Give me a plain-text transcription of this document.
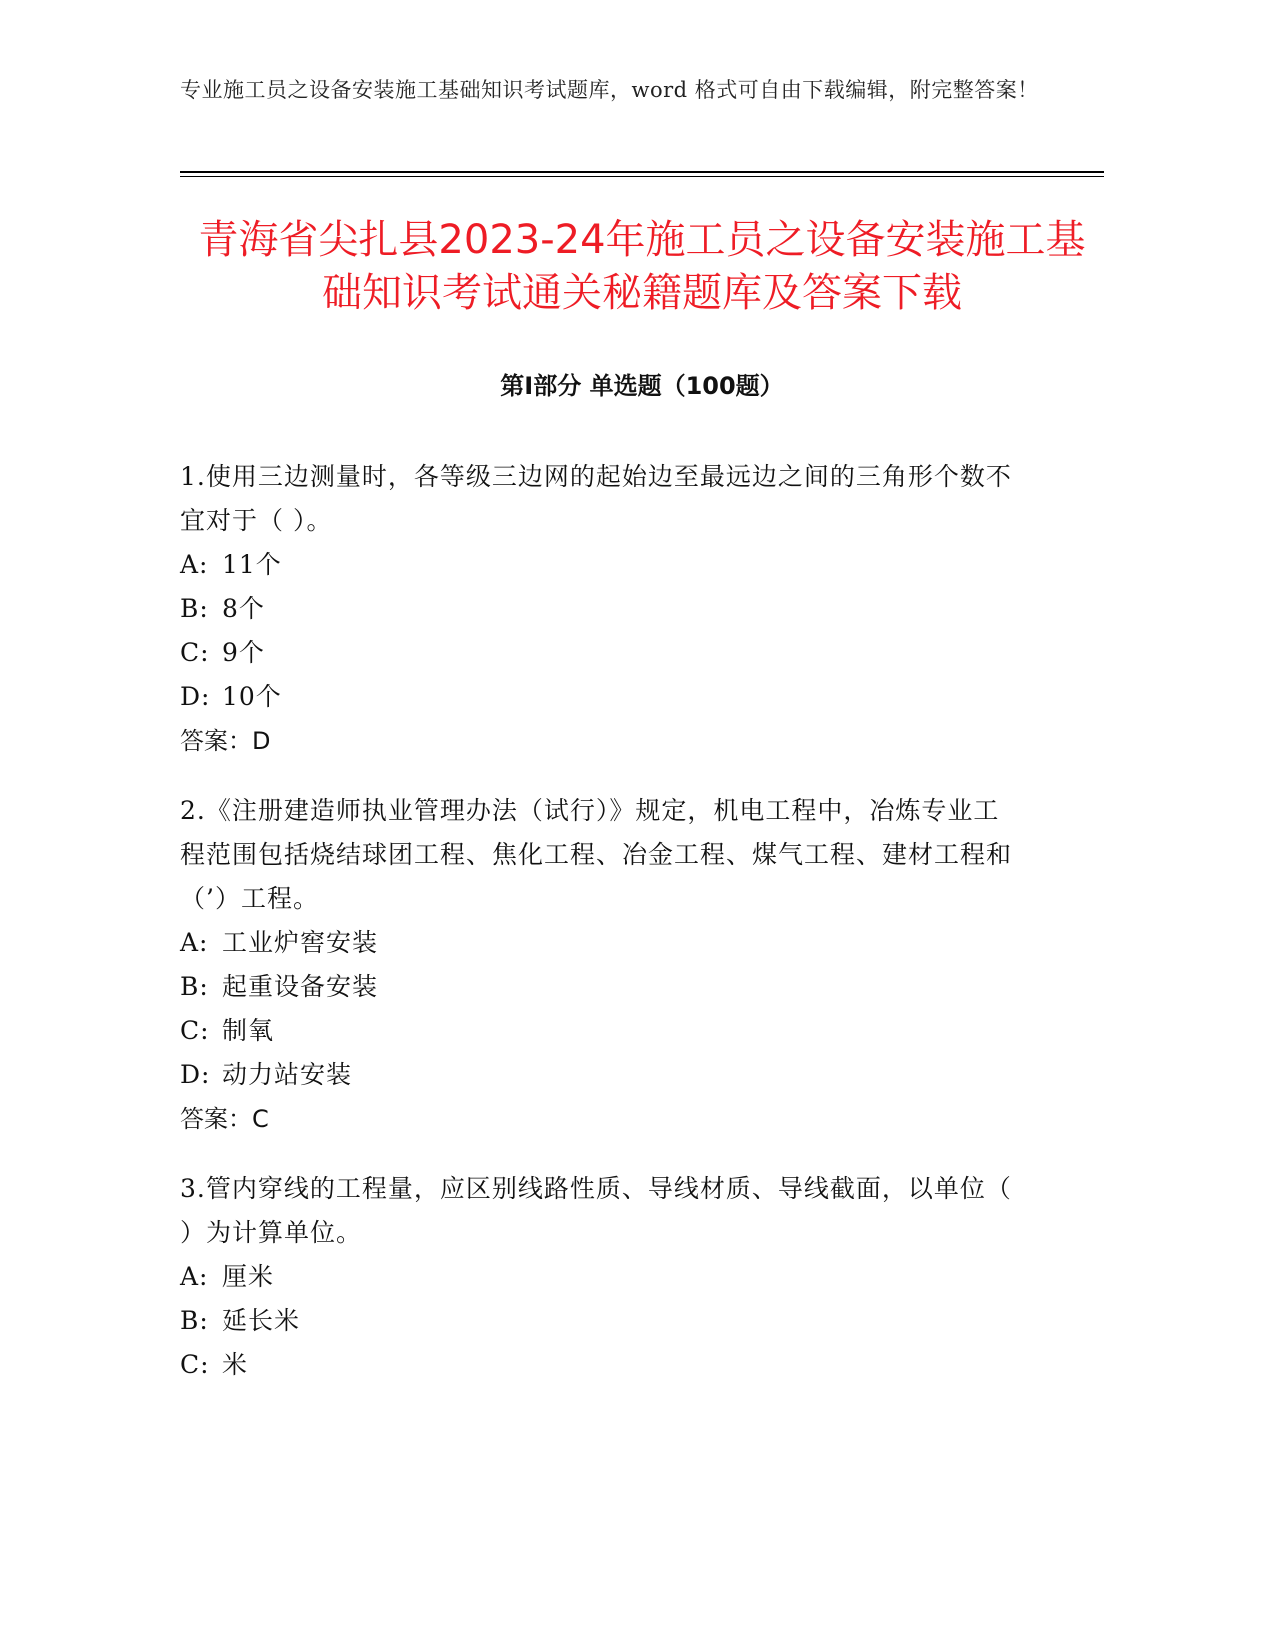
专业施工员之设备安装施工基础知识考试题库，word 格式可自由下载编辑，附完整答案！
青海省尖扎县2023-24年施工员之设备安装施工基础知识考试通关秘籍题库及答案下载
第Ⅰ部分 单选题（100题）

1.使用三边测量时，各等级三边网的起始边至最远边之间的三角形个数不宜对于（ ）。

A: 11个

B: 8个

C: 9个

D: 10个

答案：D

2.《注册建造师执业管理办法（试行）》规定，机电工程中，冶炼专业工程范围包括烧结球团工程、焦化工程、冶金工程、煤气工程、建材工程和（’）工程。

A: 工业炉窖安装

B: 起重设备安装

C: 制氧

D: 动力站安装

答案：C

3.管内穿线的工程量，应区别线路性质、导线材质、导线截面，以单位（ ）为计算单位。

A: 厘米

B: 延长米

C: 米
